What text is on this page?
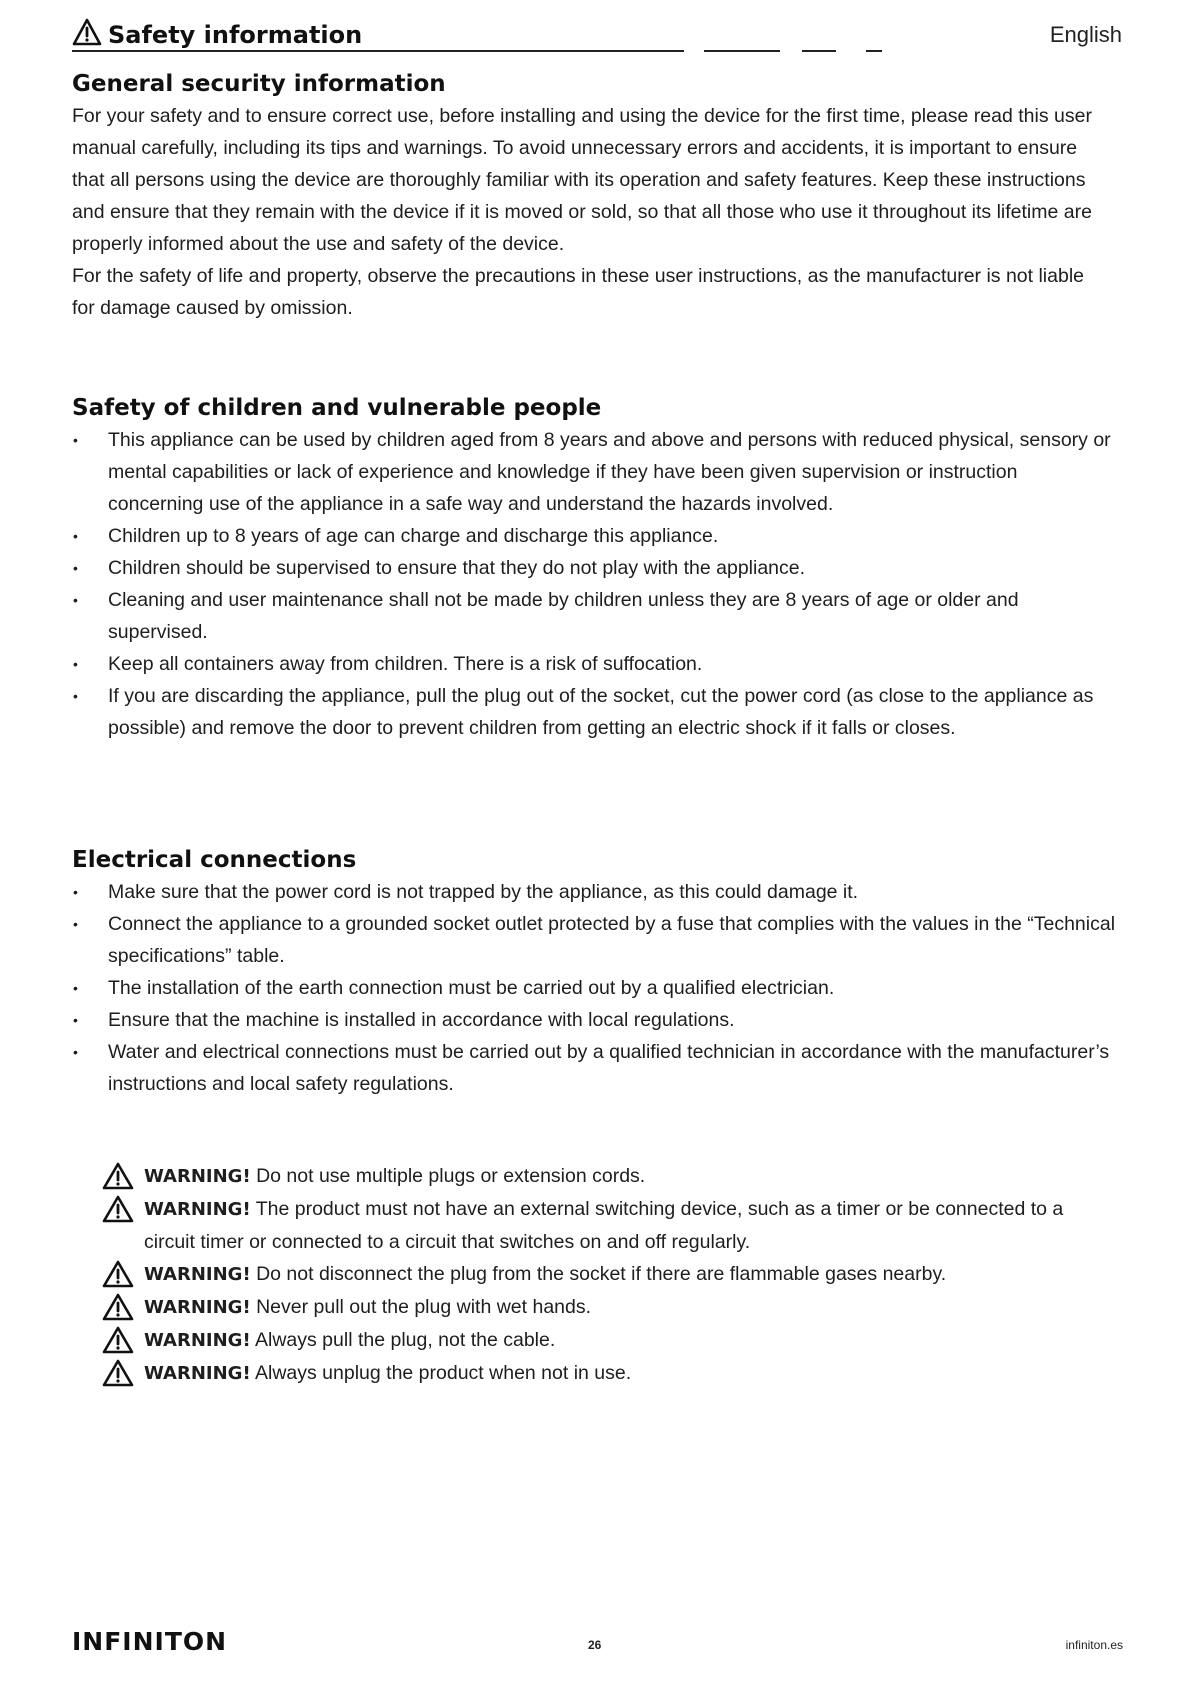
Safety information	English
General security information

For your safety and to ensure correct use, before installing and using the device for the first time, please read this user manual carefully, including its tips and warnings. To avoid unnecessary errors and accidents, it is important to ensure that all persons using the device are thoroughly familiar with its operation and safety features. Keep these instructions and ensure that they remain with the device if it is moved or sold, so that all those who use it throughout its lifetime are properly informed about the use and safety of the device.

For the safety of life and property, observe the precautions in these user instructions, as the manufacturer is not liable for damage caused by omission.

Safety of children and vulnerable people
• This appliance can be used by children aged from 8 years and above and persons with reduced physical, sensory or mental capabilities or lack of experience and knowledge if they have been given supervision or instruction concerning use of the appliance in a safe way and understand the hazards involved.
• Children up to 8 years of age can charge and discharge this appliance.
• Children should be supervised to ensure that they do not play with the appliance.
• Cleaning and user maintenance shall not be made by children unless they are 8 years of age or older and supervised.
• Keep all containers away from children. There is a risk of suffocation.
• If you are discarding the appliance, pull the plug out of the socket, cut the power cord (as close to the appliance as possible) and remove the door to prevent children from getting an electric shock if it falls or closes.
Electrical connections
• Make sure that the power cord is not trapped by the appliance, as this could damage it.
• Connect the appliance to a grounded socket outlet protected by a fuse that complies with the values in the “Technical specifications” table.
• The installation of the earth connection must be carried out by a qualified electrician.
• Ensure that the machine is installed in accordance with local regulations.
• Water and electrical connections must be carried out by a qualified technician in accordance with the manufacturer’s instructions and local safety regulations.
WARNING! Do not use multiple plugs or extension cords.
WARNING! The product must not have an external switching device, such as a timer or be connected to a circuit timer or connected to a circuit that switches on and off regularly.
WARNING! Do not disconnect the plug from the socket if there are flammable gases nearby.
WARNING! Never pull out the plug with wet hands.
WARNING! Always pull the plug, not the cable.
WARNING! Always unplug the product when not in use.
INFINITON	26	infiniton.es
